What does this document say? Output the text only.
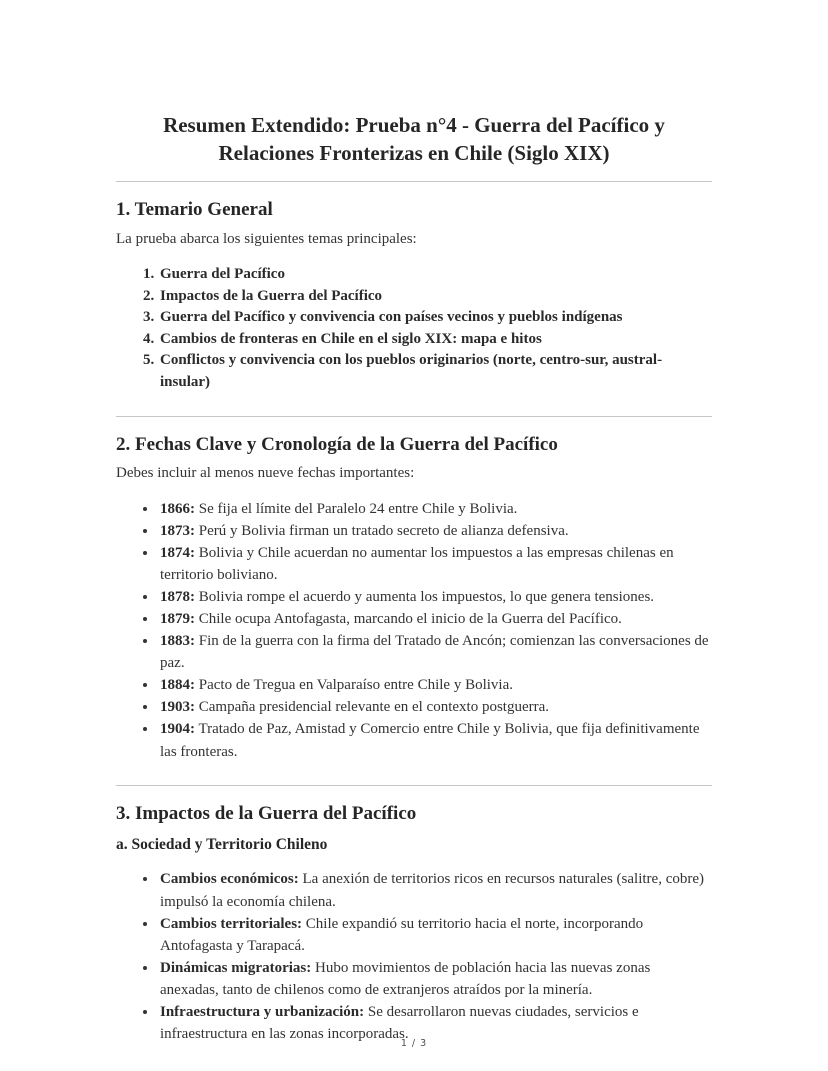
Resumen Extendido: Prueba n°4 - Guerra del Pacífico y Relaciones Fronterizas en Chile (Siglo XIX)
1. Temario General

La prueba abarca los siguientes temas principales:

1. Guerra del Pacífico
2. Impactos de la Guerra del Pacífico
3. Guerra del Pacífico y convivencia con países vecinos y pueblos indígenas
4. Cambios de fronteras en Chile en el siglo XIX: mapa e hitos
5. Conflictos y convivencia con los pueblos originarios (norte, centro-sur, austral-insular)
2. Fechas Clave y Cronología de la Guerra del Pacífico

Debes incluir al menos nueve fechas importantes:

• 1866: Se fija el límite del Paralelo 24 entre Chile y Bolivia.
• 1873: Perú y Bolivia firman un tratado secreto de alianza defensiva.
• 1874: Bolivia y Chile acuerdan no aumentar los impuestos a las empresas chilenas en territorio boliviano.
• 1878: Bolivia rompe el acuerdo y aumenta los impuestos, lo que genera tensiones.
• 1879: Chile ocupa Antofagasta, marcando el inicio de la Guerra del Pacífico.
• 1883: Fin de la guerra con la firma del Tratado de Ancón; comienzan las conversaciones de paz.
• 1884: Pacto de Tregua en Valparaíso entre Chile y Bolivia.
• 1903: Campaña presidencial relevante en el contexto postguerra.
• 1904: Tratado de Paz, Amistad y Comercio entre Chile y Bolivia, que fija definitivamente las fronteras.
3. Impactos de la Guerra del Pacífico
a. Sociedad y Territorio Chileno
• Cambios económicos: La anexión de territorios ricos en recursos naturales (salitre, cobre) impulsó la economía chilena.
• Cambios territoriales: Chile expandió su territorio hacia el norte, incorporando Antofagasta y Tarapacá.
• Dinámicas migratorias: Hubo movimientos de población hacia las nuevas zonas anexadas, tanto de chilenos como de extranjeros atraídos por la minería.
• Infraestructura y urbanización: Se desarrollaron nuevas ciudades, servicios e infraestructura en las zonas incorporadas.
1 / 3
